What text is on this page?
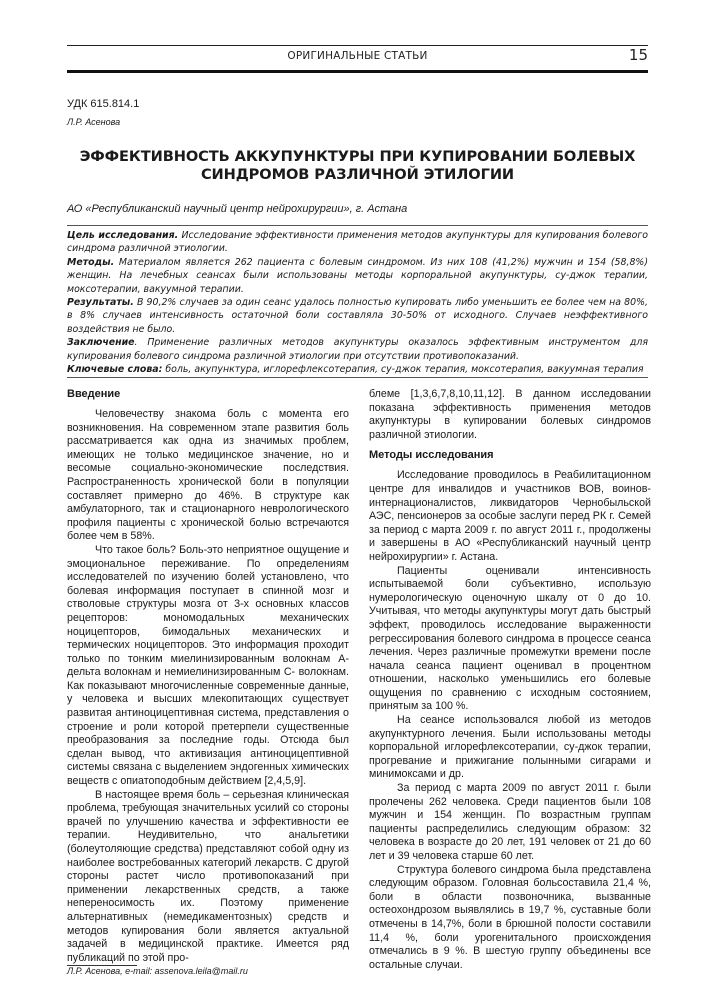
ОРИГИНАЛЬНЫЕ СТАТЬИ	15
УДК 615.814.1
Л.Р. Асенова
ЭФФЕКТИВНОСТЬ АККУПУНКТУРЫ ПРИ КУПИРОВАНИИ БОЛЕВЫХ СИНДРОМОВ РАЗЛИЧНОЙ ЭТИЛОГИИ
АО «Республиканский научный центр нейрохирургии», г. Астана

Цель исследования. Исследование эффективности применения методов акупунктуры для купирования болевого синдрома различной этиологии.

Методы. Материалом является 262 пациента с болевым синдромом. Из них 108 (41,2%) мужчин и 154 (58,8%) женщин. На лечебных сеансах были использованы методы корпоральной акупунктуры, су-джок терапии, моксотерапии, вакуумной терапии.

Результаты. В 90,2% случаев за один сеанс удалось полностью купировать либо уменьшить ее более чем на 80%, в 8% случаев интенсивность остаточной боли составляла 30-50% от исходного. Случаев неэффективного воздействия не было.

Заключение. Применение различных методов акупунктуры оказалось эффективным инструментом для купирования болевого синдрома различной этиологии при отсутствии противопоказаний.

Ключевые слова: боль, акупунктура, иглорефлексотерапия, су-джок терапия, моксотерапия, вакуумная терапия

Введение

Человечеству знакома боль с момента его возникновения. На современном этапе развития боль рассматривается как одна из значимых проблем, имеющих не только медицинское значение, но и весомые социально-экономические последствия. Распространенность хронической боли в популяции составляет примерно до 46%. В структуре как амбулаторного, так и стационарного неврологического профиля пациенты с хронической болью встречаются более чем в 58%.

Что такое боль? Боль-это неприятное ощущение и эмоциональное переживание. По определениям исследователей по изучению болей установлено, что болевая информация поступает в спинной мозг и стволовые структуры мозга от 3-х основных классов рецепторов: мономодальных механических ноцицепторов, бимодальных механических и термических ноцицепторов. Это информация проходит только по тонким миелинизированным волокнам А-дельта волокнам и немиелинизированным С- волокнам. Как показывают многочисленные современные данные, у человека и высших млекопитающих существует развитая антиноцицептивная система, представления о строение и роли которой претерпели существенные преобразования за последние годы. Отсюда был сделан вывод, что активизация антиноцицептивной системы связана с выделением эндогенных химических веществ с опиатоподобным действием [2,4,5,9].

В настоящее время боль – серьезная клиническая проблема, требующая значительных усилий со стороны врачей по улучшению качества и эффективности ее терапии. Неудивительно, что анальгетики (болеутоляющие средства) представляют собой одну из наиболее востребованных категорий лекарств. С другой стороны растет число противопоказаний при применении лекарственных средств, а также непереносимость их. Поэтому применение альтернативных (немедикаментозных) средств и методов купирования боли является актуальной задачей в медицинской практике. Имеется ряд публикаций по этой про-

блеме [1,3,6,7,8,10,11,12]. В данном исследовании показана эффективность применения методов акупунктуры в купировании болевых синдромов различной этиологии.

Методы исследования

Исследование проводилось в Реабилитационном центре для инвалидов и участников ВОВ, воинов-интернационалистов, ликвидаторов Чернобыльской АЭС, пенсионеров за особые заслуги перед РК г. Семей за период с марта 2009 г. по август 2011 г., продолжены и завершены в АО «Республиканский научный центр нейрохирургии» г. Астана.

Пациенты оценивали интенсивность испытываемой боли субъективно, использую нумерологическую оценочную шкалу от 0 до 10. Учитывая, что методы акупунктуры могут дать быстрый эффект, проводилось исследование выраженности регрессирования болевого синдрома в процессе сеанса лечения. Через различные промежутки времени после начала сеанса пациент оценивал в процентном отношении, насколько уменьшились его болевые ощущения по сравнению с исходным состоянием, принятым за 100 %.

На сеансе использовался любой из методов акупунктурного лечения. Были использованы методы корпоральной иглорефлексотерапии, су-джок терапии, прогревание и прижигание полынными сигарами и минимоксами и др.

За период с марта 2009 по август 2011 г. были пролечены 262 человека. Среди пациентов были 108 мужчин и 154 женщин. По возрастным группам пациенты распределились следующим образом: 32 человека в возрасте до 20 лет, 191 человек от 21 до 60 лет и 39 человека старше 60 лет.

Структура болевого синдрома была представлена следующим образом. Головная больсоставила 21,4 %, боли в области позвоночника, вызванные остеохондрозом выявлялись в 19,7 %, суставные боли отмечены в 14,7%, боли в брюшной полости составили 11,4 %, боли урогенитального происхождения отмечались в 9 %. В шестую группу объединены все остальные случаи.

Л.Р. Асенова, e-mail: assenova.leila@mail.ru
